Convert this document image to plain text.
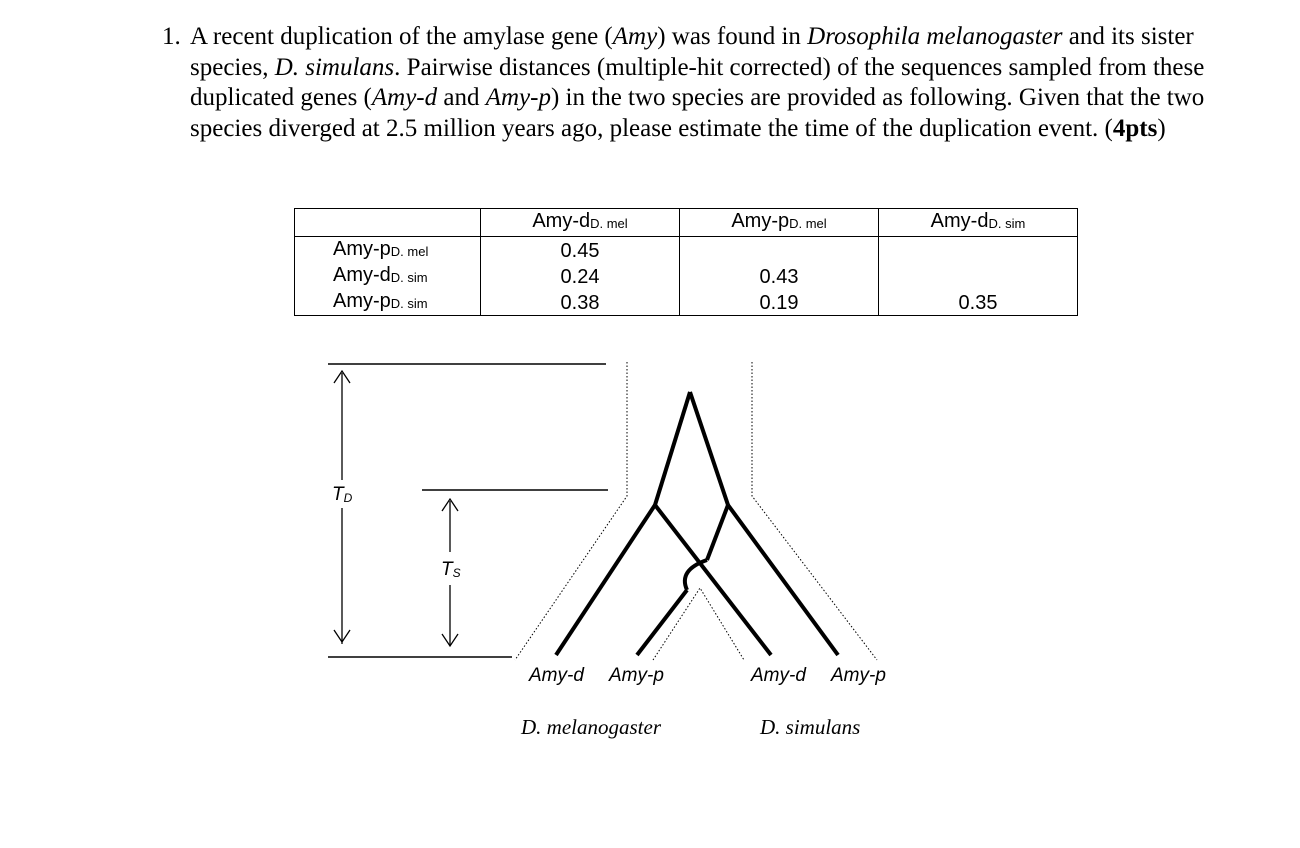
1. A recent duplication of the amylase gene (Amy) was found in Drosophila melanogaster and its sister species, D. simulans. Pairwise distances (multiple-hit corrected) of the sequences sampled from these duplicated genes (Amy-d and Amy-p) in the two species are provided as following. Given that the two species diverged at 2.5 million years ago, please estimate the time of the duplication event. (4pts)
	Amy-$d_{D. mel}$	Amy-$p_{D. mel}$	Amy-$d_{D. sim}$
Amy-$p_{D. mel}$	0.45		
Amy-$d_{D. sim}$	0.24	0.43	
Amy-$p_{D. sim}$	0.38	0.19	0.35
TD
TS
Amy-d Amy-p	Amy-d Amy-p
D. melanogaster	D. simulans
